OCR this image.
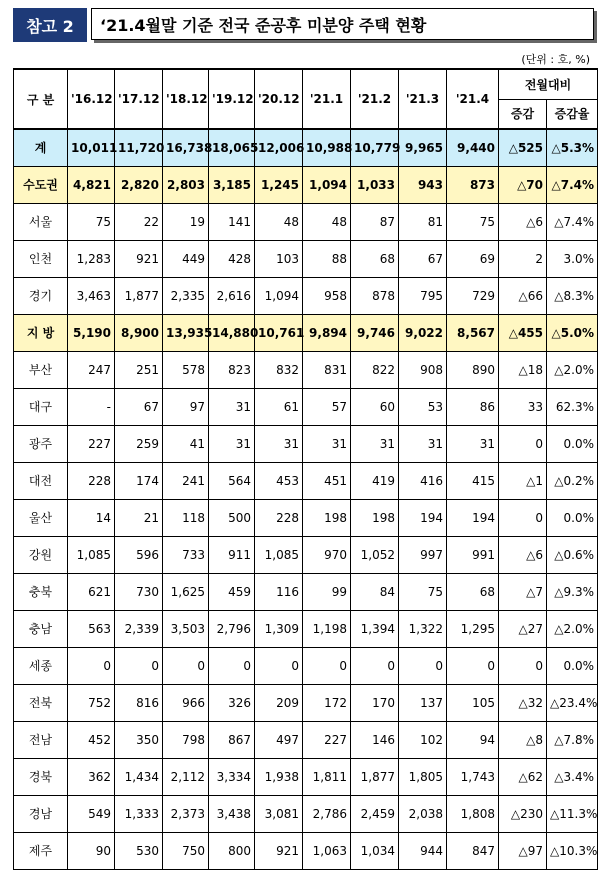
참고 2	‘21.4월말 기준 전국 준공후 미분양 주택 현황
(단위 : 호, %)
구 분	'16.12	'17.12	'18.12	'19.12	'20.12	'21.1	'21.2	'21.3	'21.4	전월대비	
										증감	증감율
계	10,011	11,720	16,738	18,065	12,006	10,988	10,779	9,965	9,440	△525	△5.3%
수도권	4,821	2,820	2,803	3,185	1,245	1,094	1,033	943	873	△70	△7.4%
서울	75	22	19	141	48	48	87	81	75	△6	△7.4%
인천	1,283	921	449	428	103	88	68	67	69	2	3.0%
경기	3,463	1,877	2,335	2,616	1,094	958	878	795	729	△66	△8.3%
지 방	5,190	8,900	13,935	14,880	10,761	9,894	9,746	9,022	8,567	△455	△5.0%
부산	247	251	578	823	832	831	822	908	890	△18	△2.0%
대구	-	67	97	31	61	57	60	53	86	33	62.3%
광주	227	259	41	31	31	31	31	31	31	0	0.0%
대전	228	174	241	564	453	451	419	416	415	△1	△0.2%
울산	14	21	118	500	228	198	198	194	194	0	0.0%
강원	1,085	596	733	911	1,085	970	1,052	997	991	△6	△0.6%
충북	621	730	1,625	459	116	99	84	75	68	△7	△9.3%
충남	563	2,339	3,503	2,796	1,309	1,198	1,394	1,322	1,295	△27	△2.0%
세종	0	0	0	0	0	0	0	0	0	0	0.0%
전북	752	816	966	326	209	172	170	137	105	△32	△23.4%
전남	452	350	798	867	497	227	146	102	94	△8	△7.8%
경북	362	1,434	2,112	3,334	1,938	1,811	1,877	1,805	1,743	△62	△3.4%
경남	549	1,333	2,373	3,438	3,081	2,786	2,459	2,038	1,808	△230	△11.3%
제주	90	530	750	800	921	1,063	1,034	944	847	△97	△10.3%
